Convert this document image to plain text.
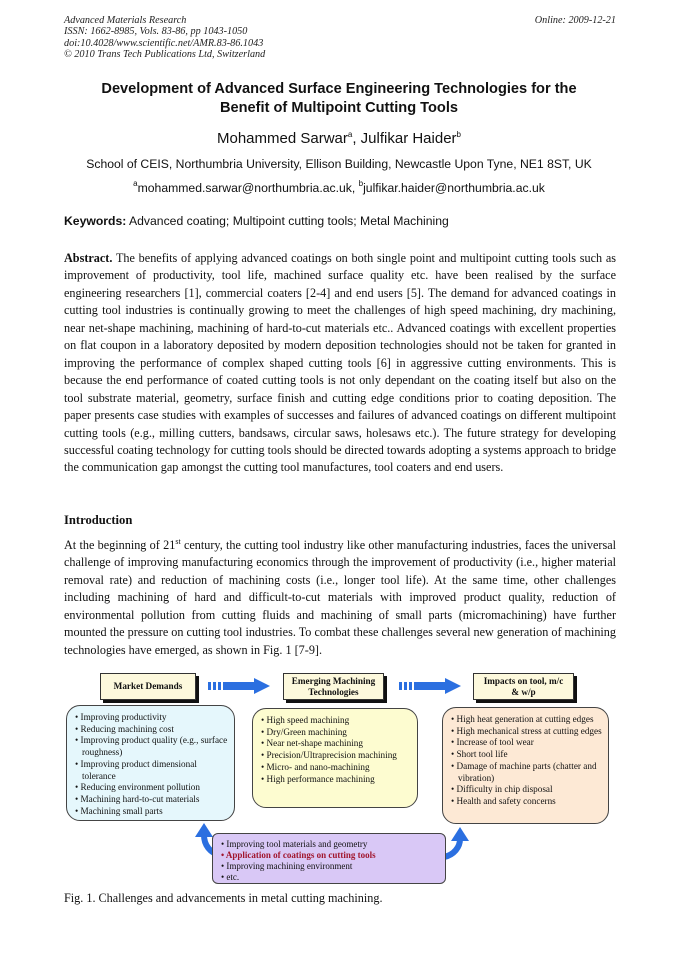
Advanced Materials Research
ISSN: 1662-8985, Vols. 83-86, pp 1043-1050
doi:10.4028/www.scientific.net/AMR.83-86.1043
© 2010 Trans Tech Publications Ltd, Switzerland
Online: 2009-12-21
Development of Advanced Surface Engineering Technologies for the
Benefit of Multipoint Cutting Tools
Mohammed Sarwar$^a$, Julfikar Haider$^b$
School of CEIS, Northumbria University, Ellison Building, Newcastle Upon Tyne, NE1 8ST, UK
$^a$mohammed.sarwar@northumbria.ac.uk, $^b$julfikar.haider@northumbria.ac.uk
Keywords: Advanced coating; Multipoint cutting tools; Metal Machining
Abstract. The benefits of applying advanced coatings on both single point and multipoint cutting tools such as improvement of productivity, tool life, machined surface quality etc. have been realised by the surface engineering researchers [1], commercial coaters [2-4] and end users [5]. The demand for advanced coatings in cutting tool industries is continually growing to meet the challenges of high speed machining, dry machining, near net-shape machining, machining of hard-to-cut materials etc.. Advanced coatings with excellent properties on flat coupon in a laboratory deposited by modern deposition technologies should not be taken for granted in improving the performance of complex shaped cutting tools [6] in aggressive cutting environments. This is because the end performance of coated cutting tools is not only dependant on the coating itself but also on the tool substrate material, geometry, surface finish and cutting edge conditions prior to coating deposition. The paper presents case studies with examples of successes and failures of advanced coatings on different multipoint cutting tools (e.g., milling cutters, bandsaws, circular saws, holesaws etc.). The future strategy for developing successful coating technology for cutting tools should be directed towards adopting a systems approach to bridge the communication gap amongst the cutting tool manufactures, tool coaters and end users.
Introduction
At the beginning of 21st century, the cutting tool industry like other manufacturing industries, faces the universal challenge of improving manufacturing economics through the improvement of productivity (i.e., higher material removal rate) and reduction of machining costs (i.e., longer tool life). At the same time, other challenges including machining of hard and difficult-to-cut materials with improved product quality, reduction of environmental pollution from cutting fluids and machining of small parts (micromachining) have further mounted the pressure on cutting tool industries. To combat these challenges several new generation of machining technologies have emerged, as shown in Fig. 1 [7-9].
Market Demands
Emerging Machining
Technologies
Impacts on tool, m/c
& w/p
• Improving productivity
• Reducing machining cost
• Improving product quality (e.g., surface roughness)
• Improving product dimensional tolerance
• Reducing environment pollution
• Machining hard-to-cut materials
• Machining small parts
• High speed machining
• Dry/Green machining
• Near net-shape machining
• Precision/Ultraprecision machining
• Micro- and nano-machining
• High performance machining
• High heat generation at cutting edges
• High mechanical stress at cutting edges
• Increase of tool wear
• Short tool life
• Damage of machine parts (chatter and vibration)
• Difficulty in chip disposal
• Health and safety concerns
• Improving tool materials and geometry
• Application of coatings on cutting tools
• Improving machining environment
• etc.
Fig. 1. Challenges and advancements in metal cutting machining.
